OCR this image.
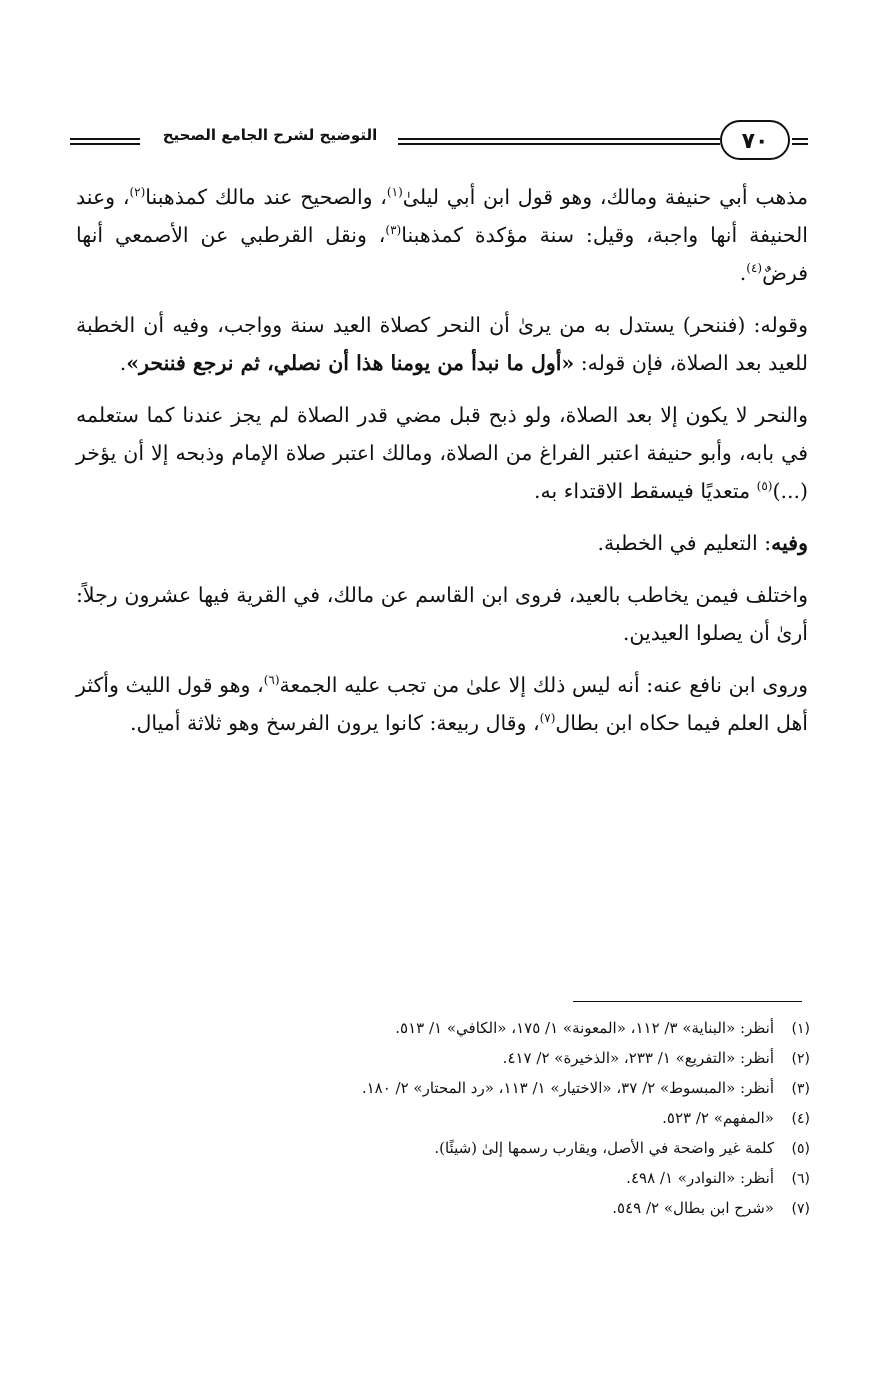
التوضيح لشرح الجامع الصحيح	٧٠

مذهب أبي حنيفة ومالك، وهو قول ابن أبي ليلىٰ$^{(١)}$، والصحيح عند مالك كمذهبنا$^{(٢)}$، وعند الحنيفة أنها واجبة، وقيل: سنة مؤكدة كمذهبنا$^{(٣)}$، ونقل القرطبي عن الأصمعي أنها فرضٌ$^{(٤)}$.

وقوله: (فننحر) يستدل به من يرىٰ أن النحر كصلاة العيد سنة وواجب، وفيه أن الخطبة للعيد بعد الصلاة، فإن قوله: «أول ما نبدأ من يومنا هذا أن نصلي، ثم نرجع فننحر».

والنحر لا يكون إلا بعد الصلاة، ولو ذبح قبل مضي قدر الصلاة لم يجز عندنا كما ستعلمه في بابه، وأبو حنيفة اعتبر الفراغ من الصلاة، ومالك اعتبر صلاة الإمام وذبحه إلا أن يؤخر (...)$^{(٥)}$ متعديًا فيسقط الاقتداء به.

وفيه: التعليم في الخطبة.

واختلف فيمن يخاطب بالعيد، فروى ابن القاسم عن مالك، في القرية فيها عشرون رجلاً: أرىٰ أن يصلوا العيدين.

وروى ابن نافع عنه: أنه ليس ذلك إلا علىٰ من تجب عليه الجمعة$^{(٦)}$، وهو قول الليث وأكثر أهل العلم فيما حكاه ابن بطال$^{(٧)}$، وقال ربيعة: كانوا يرون الفرسخ وهو ثلاثة أميال.

(١)أنظر: «البناية» ٣/ ١١٢، «المعونة» ١/ ١٧٥، «الكافي» ١/ ٥١٣.
(٢)أنظر: «التفريع» ١/ ٢٣٣، «الذخيرة» ٢/ ٤١٧.
(٣)أنظر: «المبسوط» ٢/ ٣٧، «الاختيار» ١/ ١١٣، «رد المحتار» ٢/ ١٨٠.
(٤)«المفهم» ٢/ ٥٢٣.
(٥)كلمة غير واضحة في الأصل، ويقارب رسمها إلىٰ (شيئًا).
(٦)أنظر: «النوادر» ١/ ٤٩٨.
(٧)«شرح ابن بطال» ٢/ ٥٤٩.
